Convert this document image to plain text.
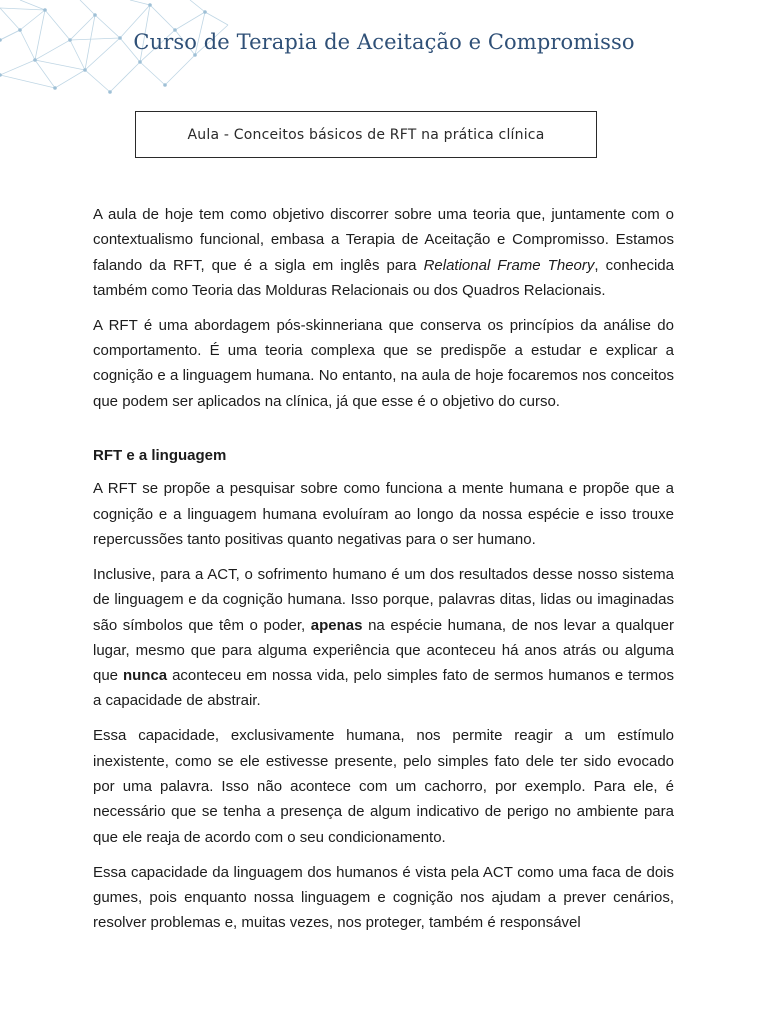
Curso de Terapia de Aceitação e Compromisso
Aula - Conceitos básicos de RFT na prática clínica

A aula de hoje tem como objetivo discorrer sobre uma teoria que, juntamente com o contextualismo funcional, embasa a Terapia de Aceitação e Compromisso. Estamos falando da RFT, que é a sigla em inglês para Relational Frame Theory, conhecida também como Teoria das Molduras Relacionais ou dos Quadros Relacionais.

A RFT é uma abordagem pós-skinneriana que conserva os princípios da análise do comportamento. É uma teoria complexa que se predispõe a estudar e explicar a cognição e a linguagem humana. No entanto, na aula de hoje focaremos nos conceitos que podem ser aplicados na clínica, já que esse é o objetivo do curso.

RFT e a linguagem

A RFT se propõe a pesquisar sobre como funciona a mente humana e propõe que a cognição e a linguagem humana evoluíram ao longo da nossa espécie e isso trouxe repercussões tanto positivas quanto negativas para o ser humano.

Inclusive, para a ACT, o sofrimento humano é um dos resultados desse nosso sistema de linguagem e da cognição humana. Isso porque, palavras ditas, lidas ou imaginadas são símbolos que têm o poder, apenas na espécie humana, de nos levar a qualquer lugar, mesmo que para alguma experiência que aconteceu há anos atrás ou alguma que nunca aconteceu em nossa vida, pelo simples fato de sermos humanos e termos a capacidade de abstrair.

Essa capacidade, exclusivamente humana, nos permite reagir a um estímulo inexistente, como se ele estivesse presente, pelo simples fato dele ter sido evocado por uma palavra. Isso não acontece com um cachorro, por exemplo. Para ele, é necessário que se tenha a presença de algum indicativo de perigo no ambiente para que ele reaja de acordo com o seu condicionamento.

Essa capacidade da linguagem dos humanos é vista pela ACT como uma faca de dois gumes, pois enquanto nossa linguagem e cognição nos ajudam a prever cenários, resolver problemas e, muitas vezes, nos proteger, também é responsável
